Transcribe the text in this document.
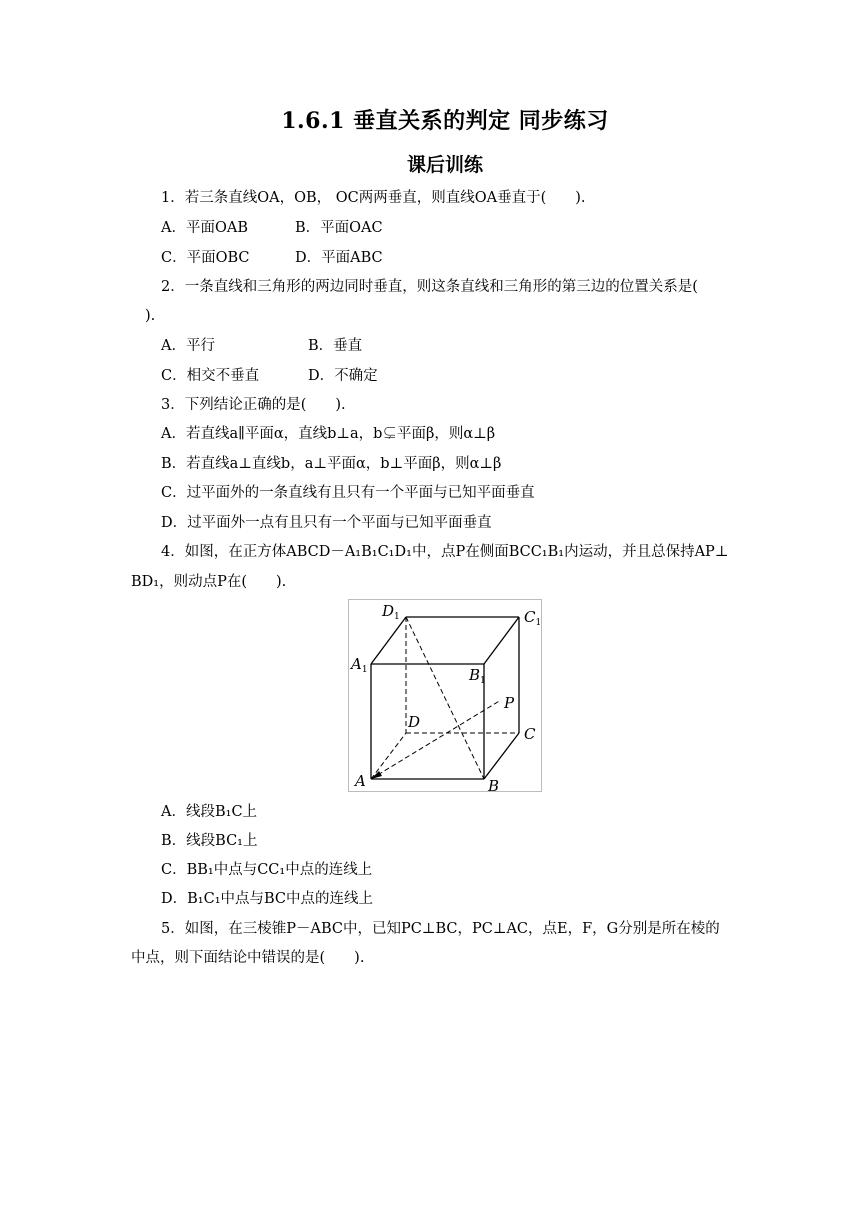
1.6.1 垂直关系的判定 同步练习
课后训练
1．若三条直线OA，OB， OC两两垂直，则直线OA垂直于(　　).
A．平面OAB	B．平面OAC
C．平面OBC	D．平面ABC
2．一条直线和三角形的两边同时垂直，则这条直线和三角形的第三边的位置关系是(
).
A．平行	B．垂直
C．相交不垂直	D．不确定
3．下列结论正确的是(　　).
A．若直线a∥平面α，直线b⊥a，b⊊平面β，则α⊥β
B．若直线a⊥直线b，a⊥平面α，b⊥平面β，则α⊥β
C．过平面外的一条直线有且只有一个平面与已知平面垂直
D．过平面外一点有且只有一个平面与已知平面垂直
4．如图，在正方体ABCD－A₁B₁C₁D₁中，点P在侧面BCC₁B₁内运动，并且总保持AP⊥
BD₁，则动点P在(　　).
$D_1$	$C_1$
$A_1$	$B_1$
D
C
P
A	B
A．线段B₁C上
B．线段BC₁上
C．BB₁中点与CC₁中点的连线上
D．B₁C₁中点与BC中点的连线上
5．如图，在三棱锥P－ABC中，已知PC⊥BC，PC⊥AC，点E，F，G分别是所在棱的
中点，则下面结论中错误的是(　　).
